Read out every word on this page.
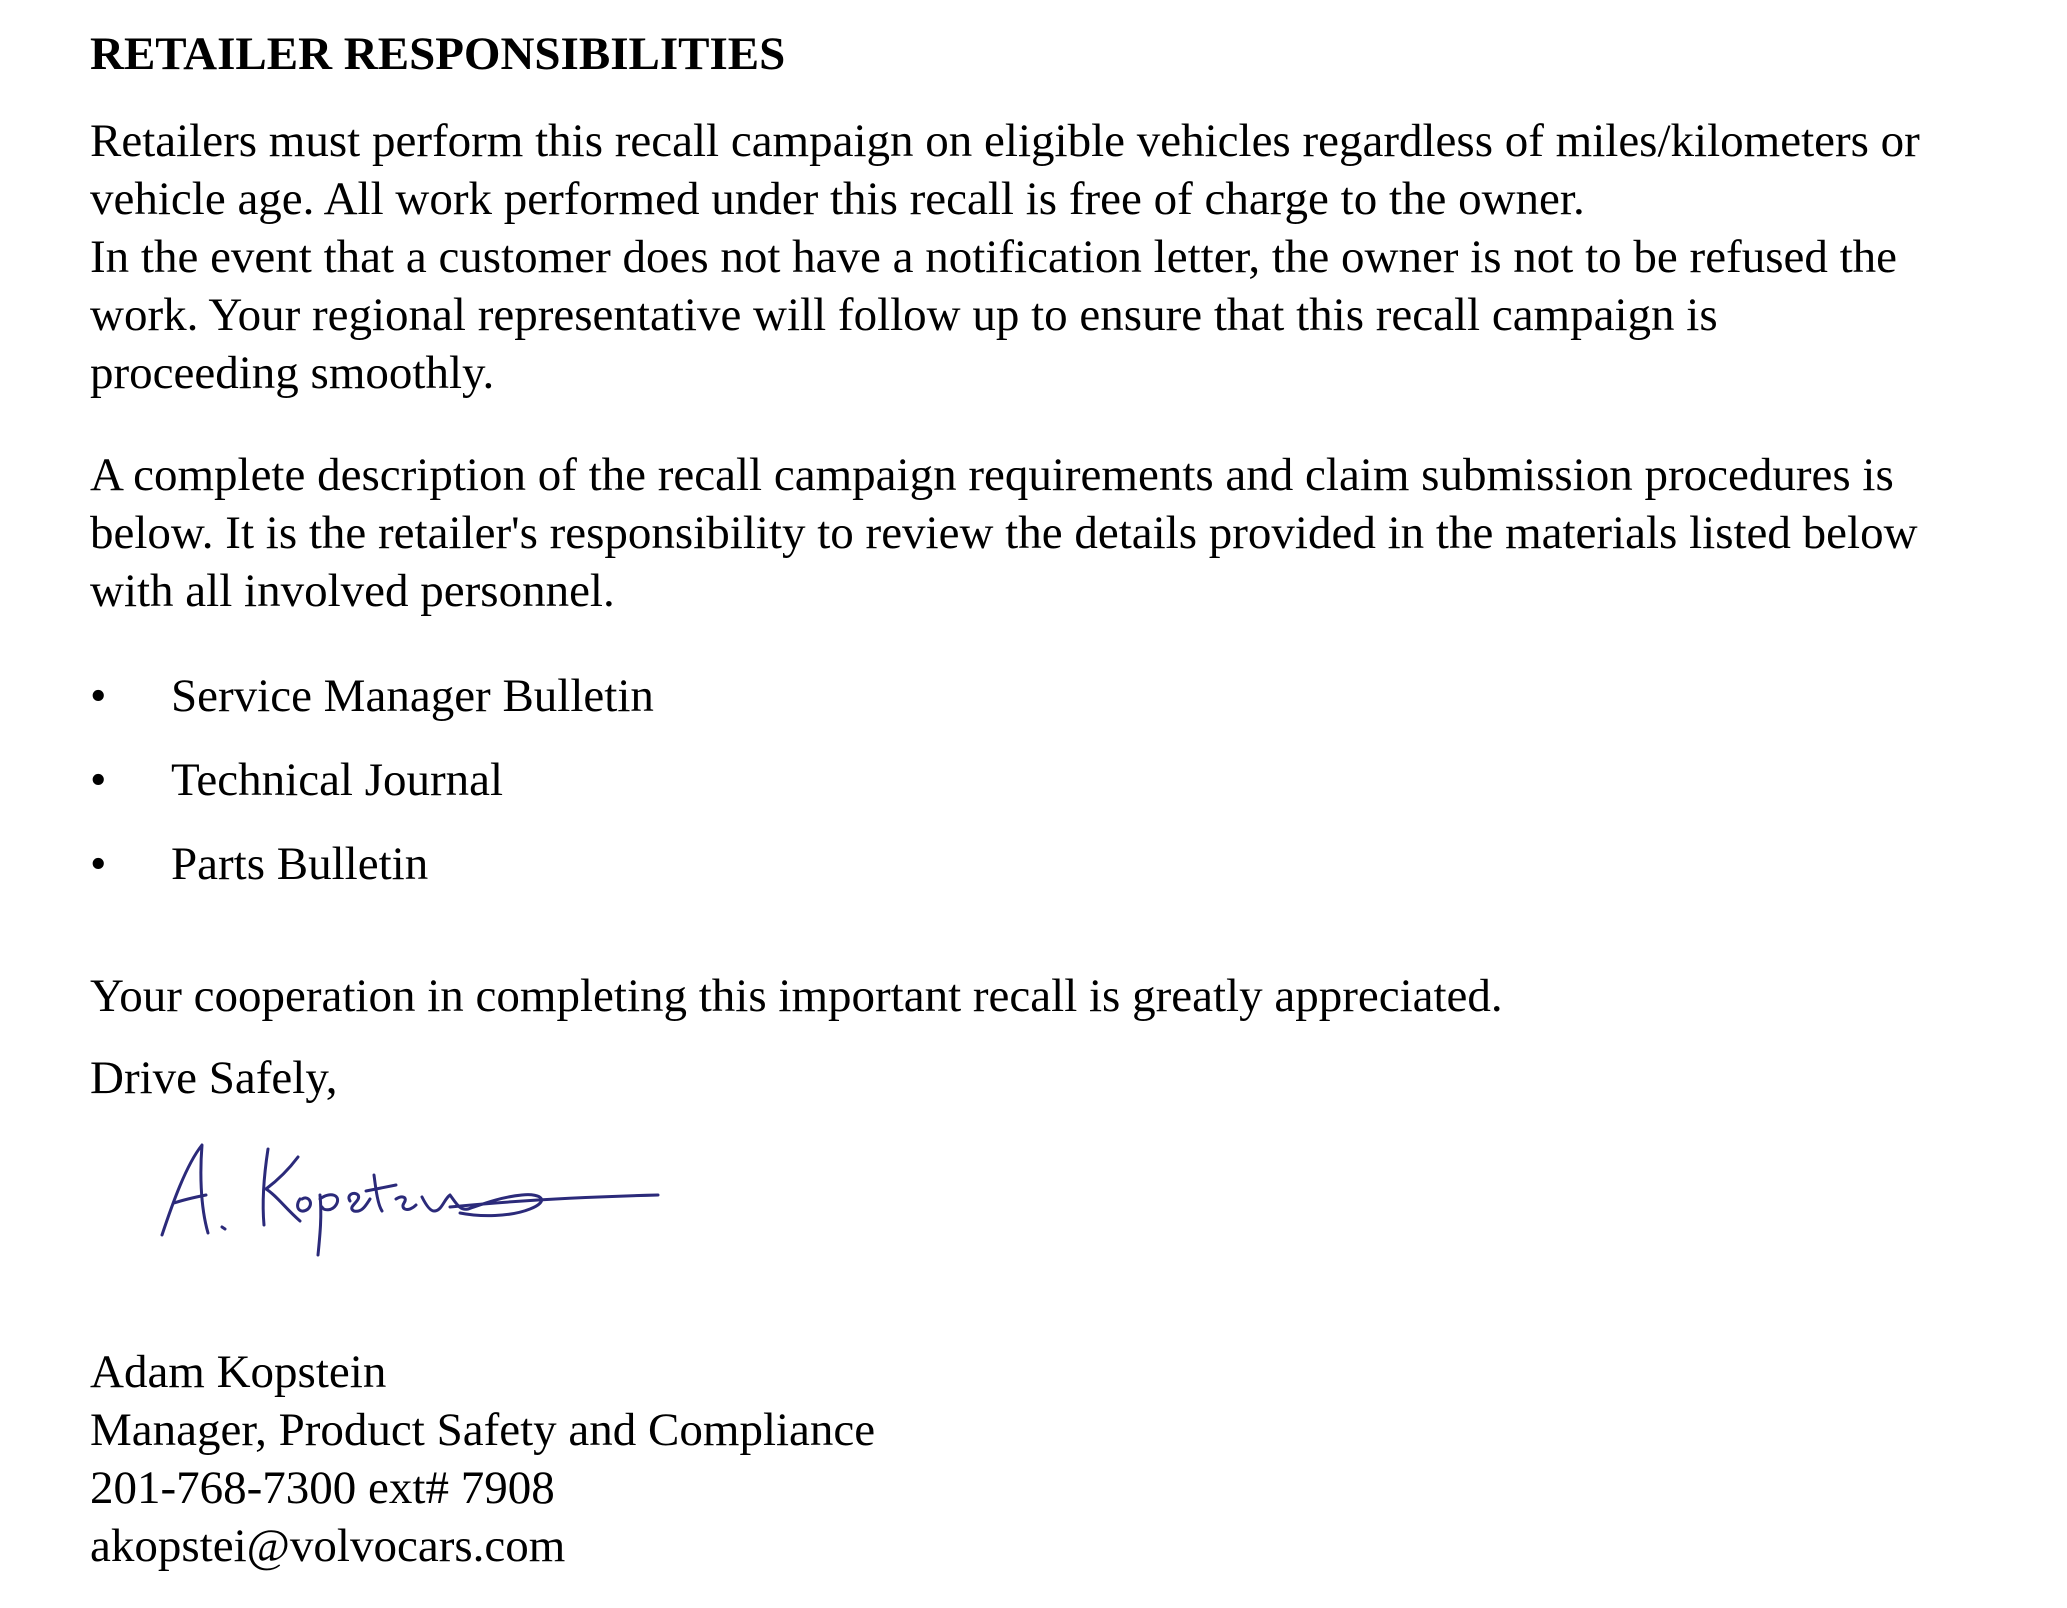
RETAILER RESPONSIBILITIES
Retailers must perform this recall campaign on eligible vehicles regardless of miles/kilometers or
vehicle age. All work performed under this recall is free of charge to the owner.
In the event that a customer does not have a notification letter, the owner is not to be refused the
work. Your regional representative will follow up to ensure that this recall campaign is
proceeding smoothly.
A complete description of the recall campaign requirements and claim submission procedures is
below. It is the retailer's responsibility to review the details provided in the materials listed below
with all involved personnel.
• Service Manager Bulletin
• Technical Journal
• Parts Bulletin
Your cooperation in completing this important recall is greatly appreciated.
Drive Safely,
Adam Kopstein
Manager, Product Safety and Compliance
201-768-7300 ext# 7908
akopstei@volvocars.com
